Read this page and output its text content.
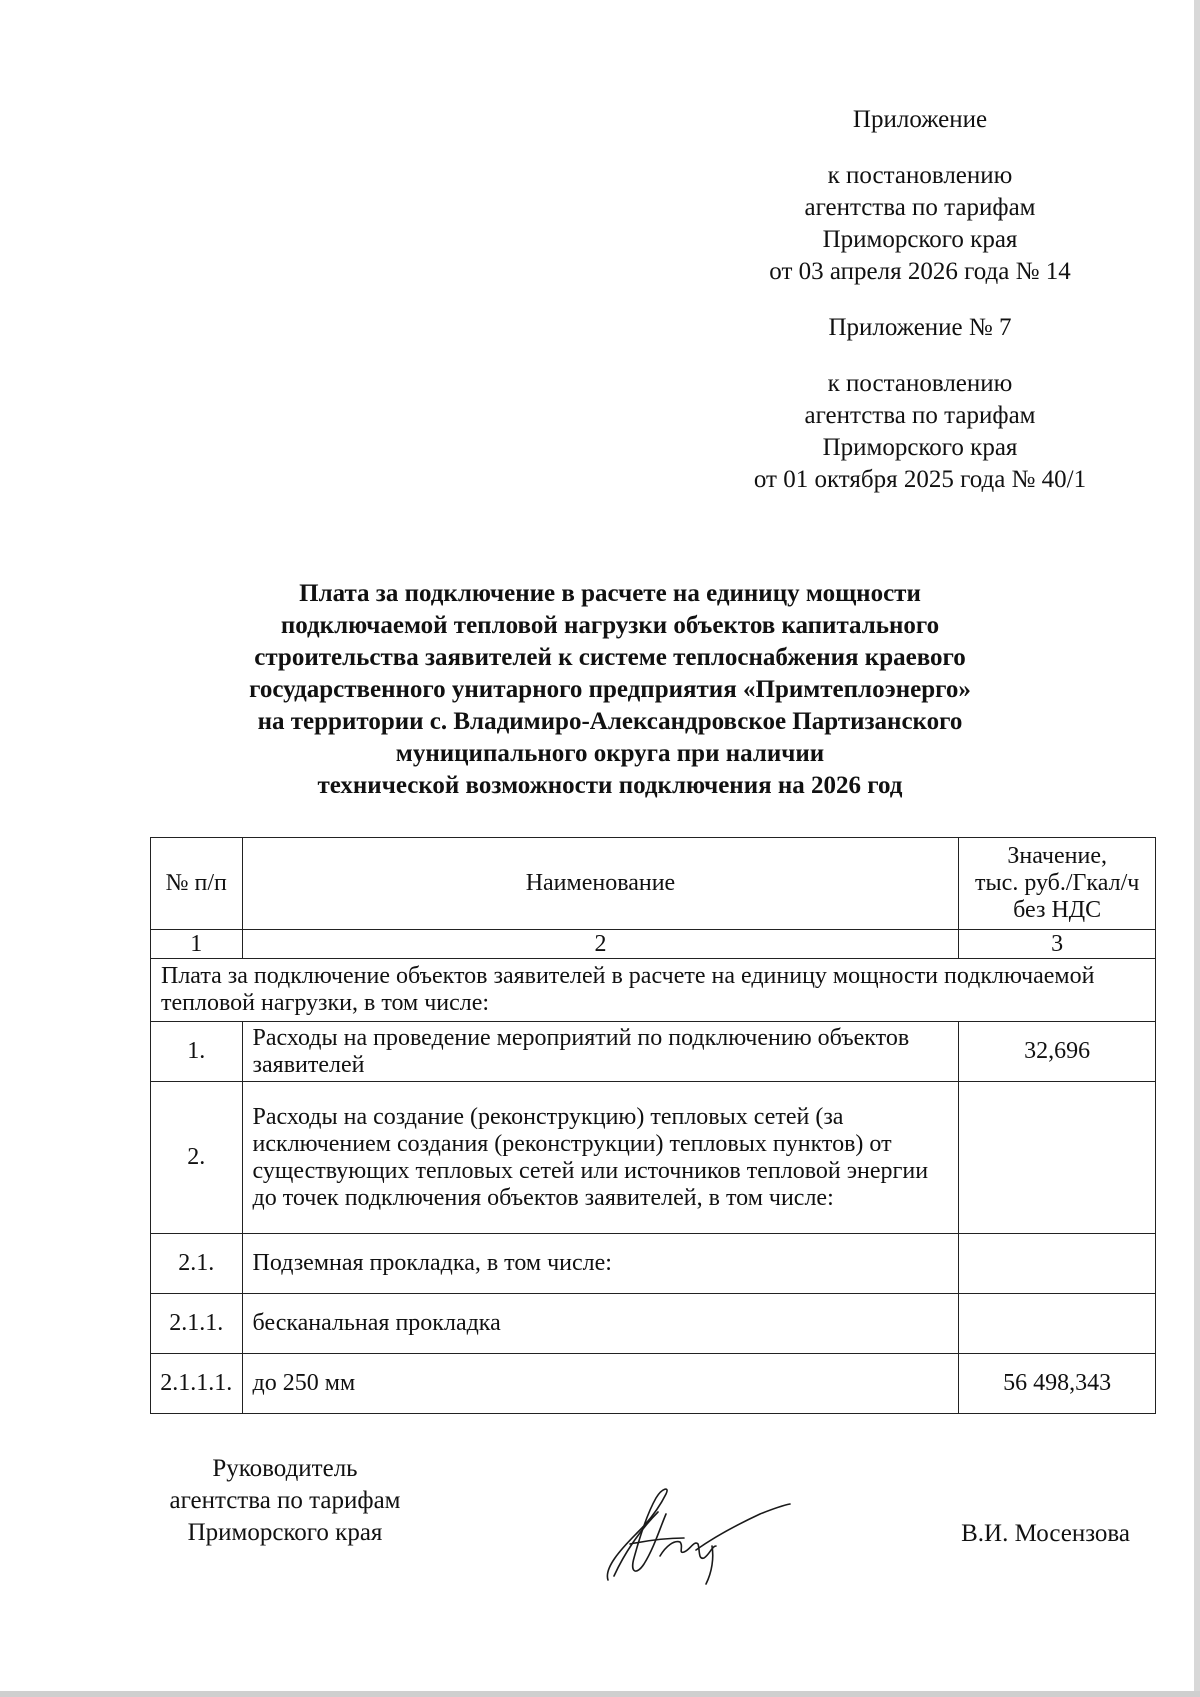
Приложение
к постановлению
агентства по тарифам
Приморского края
от 03 апреля 2026 года № 14
Приложение № 7
к постановлению
агентства по тарифам
Приморского края
от 01 октября 2025 года № 40/1
Плата за подключение в расчете на единицу мощности
подключаемой тепловой нагрузки объектов капитального
строительства заявителей к системе теплоснабжения краевого
государственного унитарного предприятия «Примтеплоэнерго»
на территории с. Владимиро-Александровское Партизанского
муниципального округа при наличии
технической возможности подключения на 2026 год
№ п/п	Наименование	Значение,
тыс. руб./Гкал/ч
без НДС

1	2	3
Плата за подключение объектов заявителей в расчете на единицу мощности подключаемой тепловой нагрузки, в том числе:		
1.	Расходы на проведение мероприятий по подключению объектов заявителей	32,696
2.	Расходы на создание (реконструкцию) тепловых сетей (за исключением создания (реконструкции) тепловых пунктов) от существующих тепловых сетей или источников тепловой энергии до точек подключения объектов заявителей, в том числе:	
2.1.	Подземная прокладка, в том числе:	
2.1.1.	бесканальная прокладка	
2.1.1.1.	до 250 мм	56 498,343
Руководитель
агентства по тарифам
Приморского края	В.И. Мосензова
